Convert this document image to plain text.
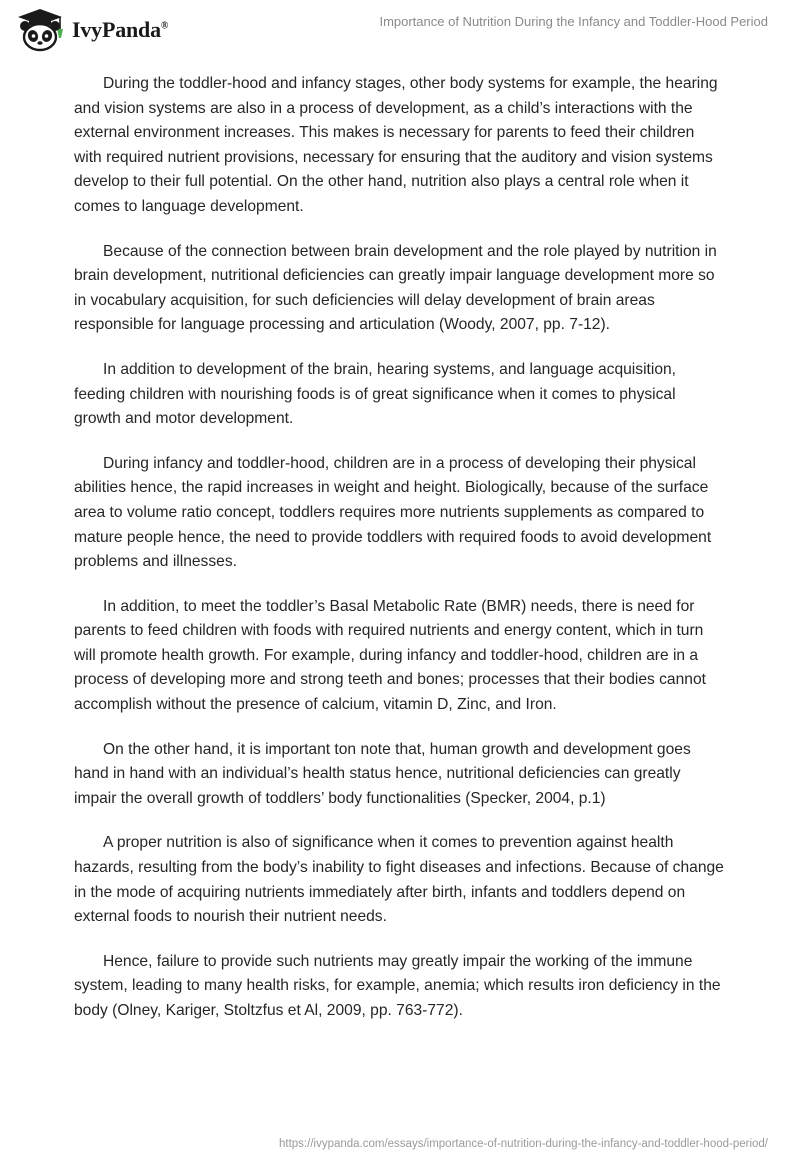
IvyPanda®	Importance of Nutrition During the Infancy and Toddler-Hood Period

During the toddler-hood and infancy stages, other body systems for example, the hearing and vision systems are also in a process of development, as a child’s interactions with the external environment increases. This makes is necessary for parents to feed their children with required nutrient provisions, necessary for ensuring that the auditory and vision systems develop to their full potential. On the other hand, nutrition also plays a central role when it comes to language development.

Because of the connection between brain development and the role played by nutrition in brain development, nutritional deficiencies can greatly impair language development more so in vocabulary acquisition, for such deficiencies will delay development of brain areas responsible for language processing and articulation (Woody, 2007, pp. 7-12).

In addition to development of the brain, hearing systems, and language acquisition, feeding children with nourishing foods is of great significance when it comes to physical growth and motor development.

During infancy and toddler-hood, children are in a process of developing their physical abilities hence, the rapid increases in weight and height. Biologically, because of the surface area to volume ratio concept, toddlers requires more nutrients supplements as compared to mature people hence, the need to provide toddlers with required foods to avoid development problems and illnesses.

In addition, to meet the toddler’s Basal Metabolic Rate (BMR) needs, there is need for parents to feed children with foods with required nutrients and energy content, which in turn will promote health growth. For example, during infancy and toddler-hood, children are in a process of developing more and strong teeth and bones; processes that their bodies cannot accomplish without the presence of calcium, vitamin D, Zinc, and Iron.

On the other hand, it is important ton note that, human growth and development goes hand in hand with an individual’s health status hence, nutritional deficiencies can greatly impair the overall growth of toddlers’ body functionalities (Specker, 2004, p.1)

A proper nutrition is also of significance when it comes to prevention against health hazards, resulting from the body’s inability to fight diseases and infections. Because of change in the mode of acquiring nutrients immediately after birth, infants and toddlers depend on external foods to nourish their nutrient needs.

Hence, failure to provide such nutrients may greatly impair the working of the immune system, leading to many health risks, for example, anemia; which results iron deficiency in the body (Olney, Kariger, Stoltzfus et Al, 2009, pp. 763-772).

https://ivypanda.com/essays/importance-of-nutrition-during-the-infancy-and-toddler-hood-period/
